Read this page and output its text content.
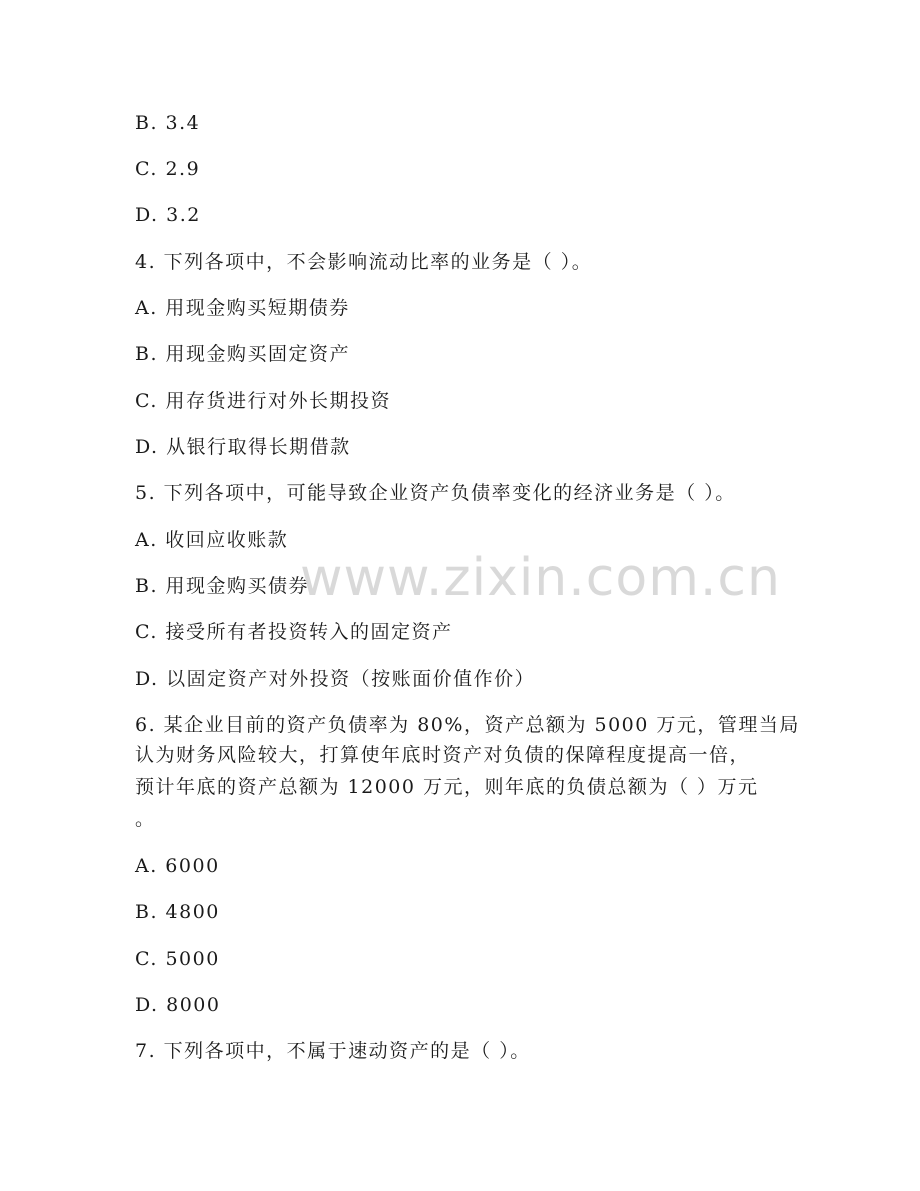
www.zixin.com.cn
B. 3.4
C. 2.9
D. 3.2
4. 下列各项中，不会影响流动比率的业务是（ ）。
A. 用现金购买短期债券
B. 用现金购买固定资产
C. 用存货进行对外长期投资
D. 从银行取得长期借款
5. 下列各项中，可能导致企业资产负债率变化的经济业务是（ ）。
A. 收回应收账款
B. 用现金购买债券
C. 接受所有者投资转入的固定资产
D. 以固定资产对外投资（按账面价值作价）
6. 某企业目前的资产负债率为 80%，资产总额为 5000 万元，管理当局
认为财务风险较大，打算使年底时资产对负债的保障程度提高一倍，
预计年底的资产总额为 12000 万元，则年底的负债总额为（ ）万元
。
A. 6000
B. 4800
C. 5000
D. 8000
7. 下列各项中，不属于速动资产的是（ ）。
